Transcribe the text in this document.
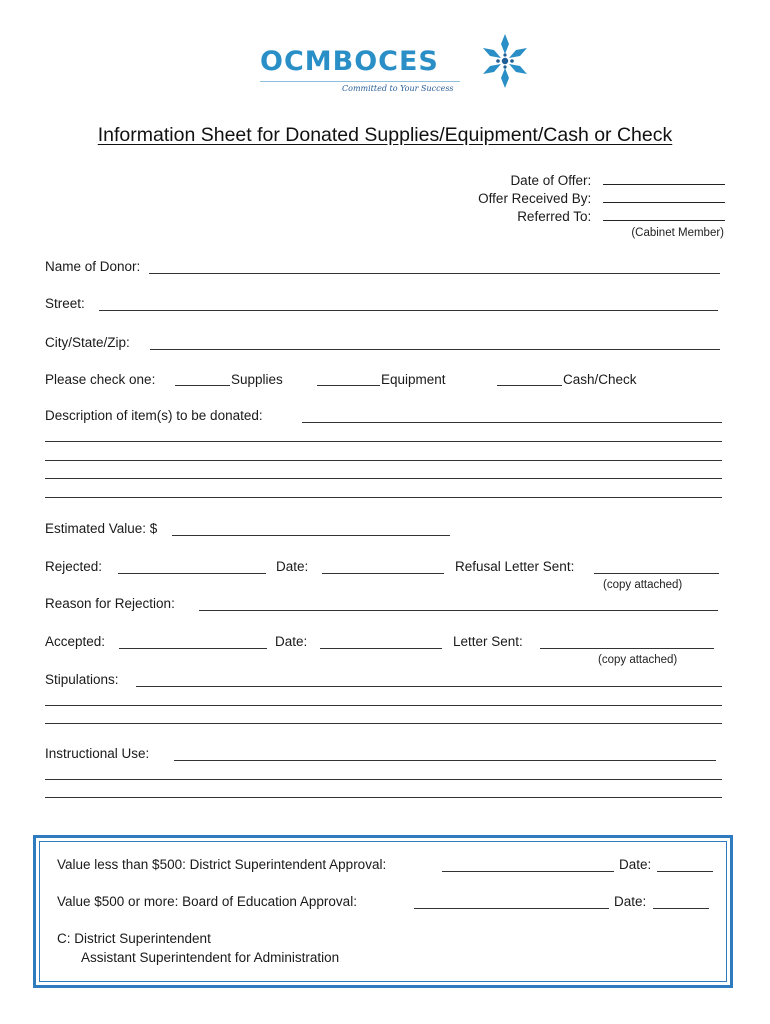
OCMBOCES
Committed to Your Success
Information Sheet for Donated Supplies/Equipment/Cash or Check
Date of Offer:
Offer Received By:
Referred To:
(Cabinet Member)
Name of Donor:
Street:
City/State/Zip:
Please check one:	Supplies	Equipment	Cash/Check
Description of item(s) to be donated:
Estimated Value: $
Rejected:	Date:	Refusal Letter Sent:
(copy attached)
Reason for Rejection:
Accepted:	Date:	Letter Sent:
(copy attached)
Stipulations:
Instructional Use:
Value less than $500: District Superintendent Approval:	Date:
Value $500 or more: Board of Education Approval:	Date:
C: District Superintendent
Assistant Superintendent for Administration
